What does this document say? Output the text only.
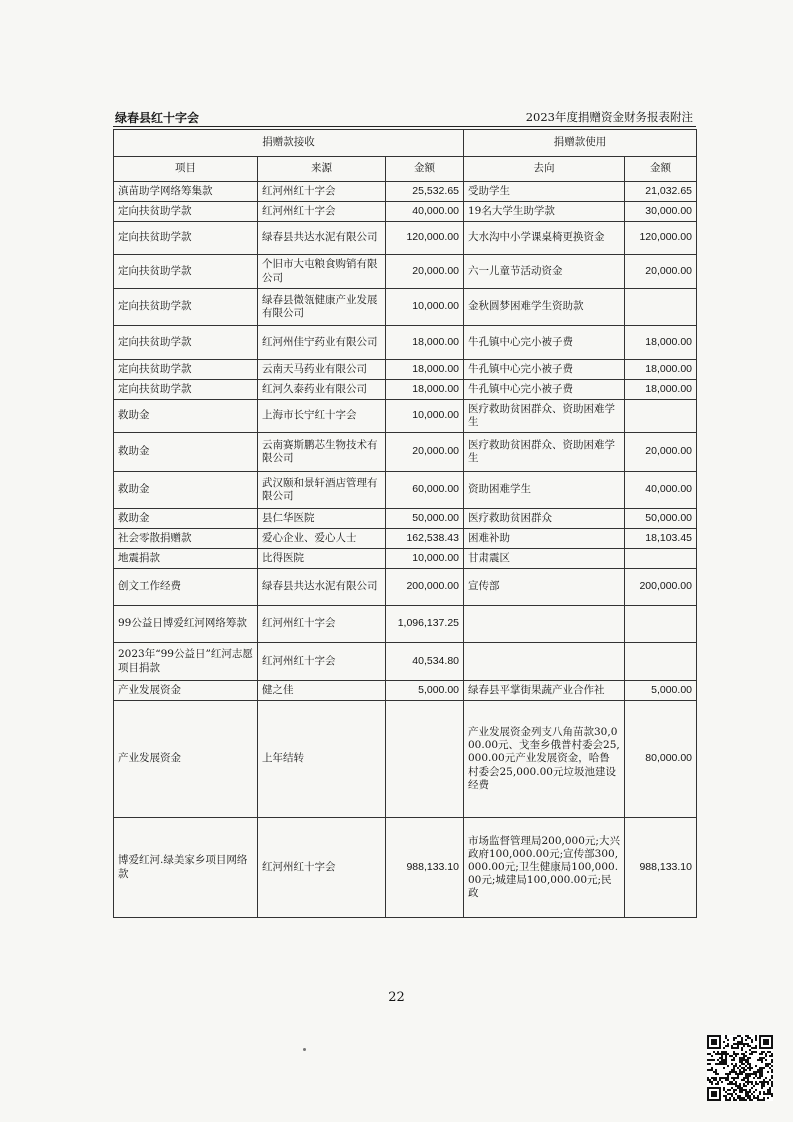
绿春县红十字会	2023年度捐赠资金财务报表附注
捐赠款接收			捐赠款使用	
项目	来源	金额	去向	金额
滇苗助学网络筹集款	红河州红十字会	25,532.65	受助学生	21,032.65
定向扶贫助学款	红河州红十字会	40,000.00	19名大学生助学款	30,000.00
定向扶贫助学款	绿春县共达水泥有限公司	120,000.00	大水沟中小学课桌椅更换资金	120,000.00
定向扶贫助学款	个旧市大屯粮食购销有限公司	20,000.00	六一儿童节活动资金	20,000.00
定向扶贫助学款	绿春县微瓴健康产业发展有限公司	10,000.00	金秋圆梦困难学生资助款	
定向扶贫助学款	红河州佳宁药业有限公司	18,000.00	牛孔镇中心完小被子费	18,000.00
定向扶贫助学款	云南天马药业有限公司	18,000.00	牛孔镇中心完小被子费	18,000.00
定向扶贫助学款	红河久泰药业有限公司	18,000.00	牛孔镇中心完小被子费	18,000.00
救助金	上海市长宁红十字会	10,000.00	医疗救助贫困群众、资助困难学生	
救助金	云南赛斯鹏芯生物技术有限公司	20,000.00	医疗救助贫困群众、资助困难学生	20,000.00
救助金	武汉颐和景轩酒店管理有限公司	60,000.00	资助困难学生	40,000.00
救助金	县仁华医院	50,000.00	医疗救助贫困群众	50,000.00
社会零散捐赠款	爱心企业、爱心人士	162,538.43	困难补助	18,103.45
地震捐款	比得医院	10,000.00	甘肃震区	
创文工作经费	绿春县共达水泥有限公司	200,000.00	宣传部	200,000.00
99公益日博爱红河网络筹款	红河州红十字会	1,096,137.25		
2023年“99公益日”红河志愿项目捐款	红河州红十字会	40,534.80		
产业发展资金	健之佳	5,000.00	绿春县平掌街果蔬产业合作社	5,000.00
产业发展资金	上年结转		产业发展资金列支八角苗款30,000.00元、戈奎乡俄普村委会25,000.00元产业发展资金，哈鲁村委会25,000.00元垃圾池建设经费	80,000.00
博爱红河.绿美家乡项目网络款	红河州红十字会	988,133.10	市场监督管理局200,000元;大兴政府100,000.00元;宣传部300,000.00元;卫生健康局100,000.00元;城建局100,000.00元;民政	988,133.10
22
